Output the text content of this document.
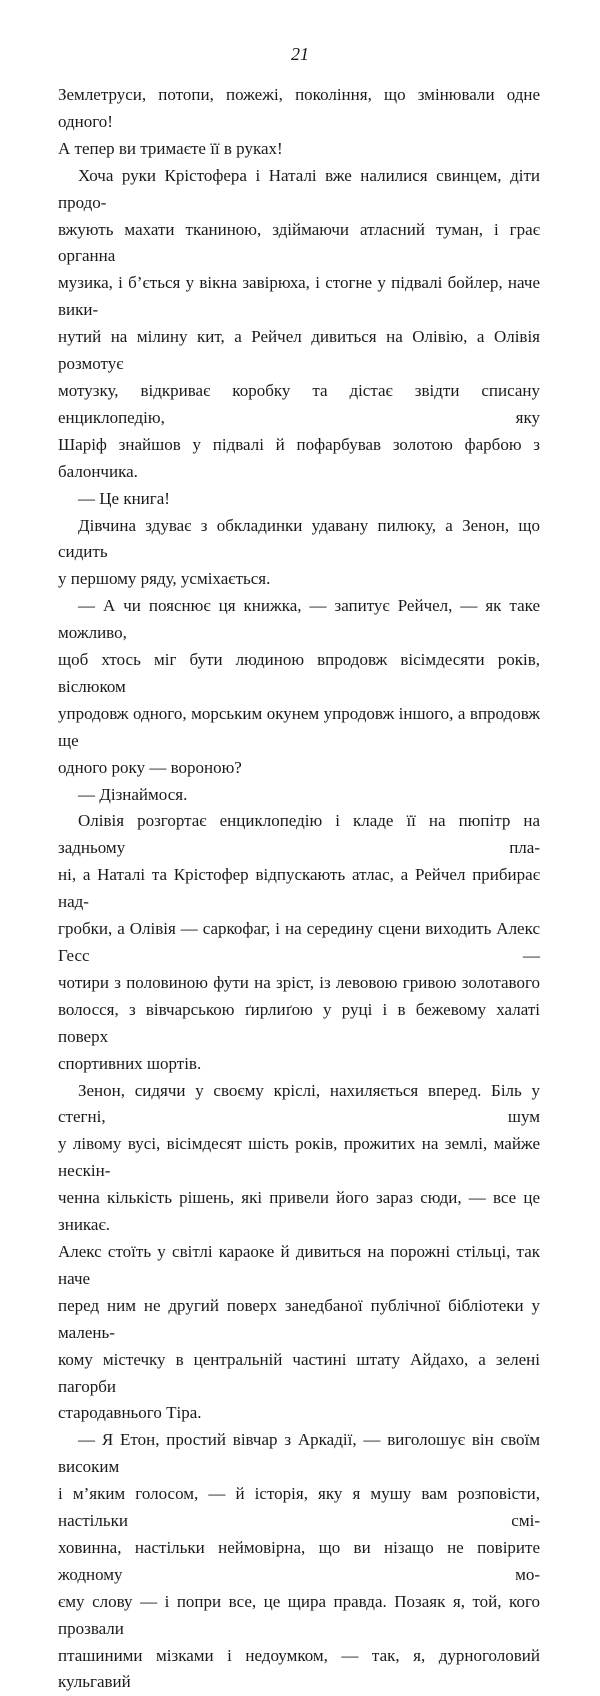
21
Землетруси, потопи, пожежі, покоління, що змінювали одне одного!
А тепер ви тримаєте її в руках!
Хоча руки Крістофера і Наталі вже налилися свинцем, діти продо-
вжують махати тканиною, здіймаючи атласний туман, і грає органна
музика, і б’ється у вікна завірюха, і стогне у підвалі бойлер, наче вики-
нутий на мілину кит, а Рейчел дивиться на Олівію, а Олівія розмотує
мотузку, відкриває коробку та дістає звідти списану енциклопедію, яку
Шаріф знайшов у підвалі й пофарбував золотою фарбою з балончика.
— Це книга!
Дівчина здуває з обкладинки удавану пилюку, а Зенон, що сидить
у першому ряду, усміхається.
— А чи пояснює ця книжка, — запитує Рейчел, — як таке можливо,
щоб хтось міг бути людиною впродовж вісімдесяти років, віслюком
упродовж одного, морським окунем упродовж іншого, а впродовж ще
одного року — вороною?
— Дізнаймося.
Олівія розгортає енциклопедію і кладе її на пюпітр на задньому пла-
ні, а Наталі та Крістофер відпускають атлас, а Рейчел прибирає над-
гробки, а Олівія — саркофаг, і на середину сцени виходить Алекс Гесс —
чотири з половиною фути на зріст, із левовою гривою золотавого
волосся, з вівчарською ґирлиґою у руці і в бежевому халаті поверх
спортивних шортів.
Зенон, сидячи у своєму кріслі, нахиляється вперед. Біль у стегні, шум
у лівому вусі, вісімдесят шість років, прожитих на землі, майже нескін-
ченна кількість рішень, які привели його зараз сюди, — все це зникає.
Алекс стоїть у світлі караоке й дивиться на порожні стільці, так наче
перед ним не другий поверх занедбаної публічної бібліотеки у малень-
кому містечку в центральній частині штату Айдахо, а зелені пагорби
стародавнього Тіра.
— Я Етон, простий вівчар з Аркадії, — виголошує він своїм високим
і м’яким голосом, — й історія, яку я мушу вам розповісти, настільки смі-
ховинна, настільки неймовірна, що ви нізащо не повірите жодному мо-
єму слову — і попри все, це щира правда. Позаяк я, той, кого прозвали
пташиними мізками і недоумком, — так, я, дурноголовий кульгавий
